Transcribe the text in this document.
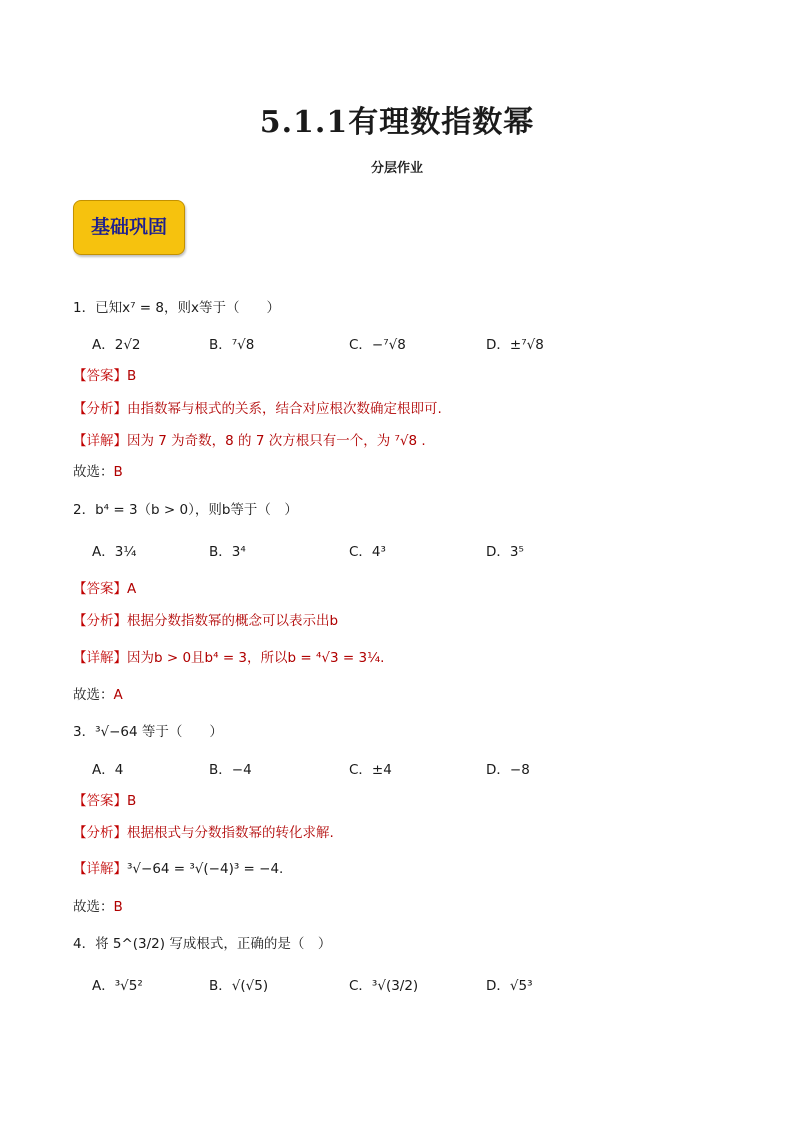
5.1.1有理数指数幂
分层作业
基础巩固
1．已知x⁷ = 8，则x等于（　　）
A．2√2	B．⁷√8	C．−⁷√8	D．±⁷√8
【答案】B
【分析】由指数幂与根式的关系，结合对应根次数确定根即可.
【详解】因为 7 为奇数，8 的 7 次方根只有一个，为 ⁷√8 .
故选：B
2．b⁴ = 3（b > 0），则b等于（　）
A．3¼	B．3⁴	C．4³	D．3⁵
【答案】A
【分析】根据分数指数幂的概念可以表示出b
【详解】因为b > 0且b⁴ = 3，所以b = ⁴√3 = 3¼.
故选：A
3．³√−64 等于（　　）
A．4	B．−4	C．±4	D．−8
【答案】B
【分析】根据根式与分数指数幂的转化求解.
【详解】³√−64 = ³√(−4)³ = −4.
故选：B
4．将 5^(3/2) 写成根式，正确的是（　）
A．³√5²	B．√(√5)	C．³√(3/2)	D．√5³
